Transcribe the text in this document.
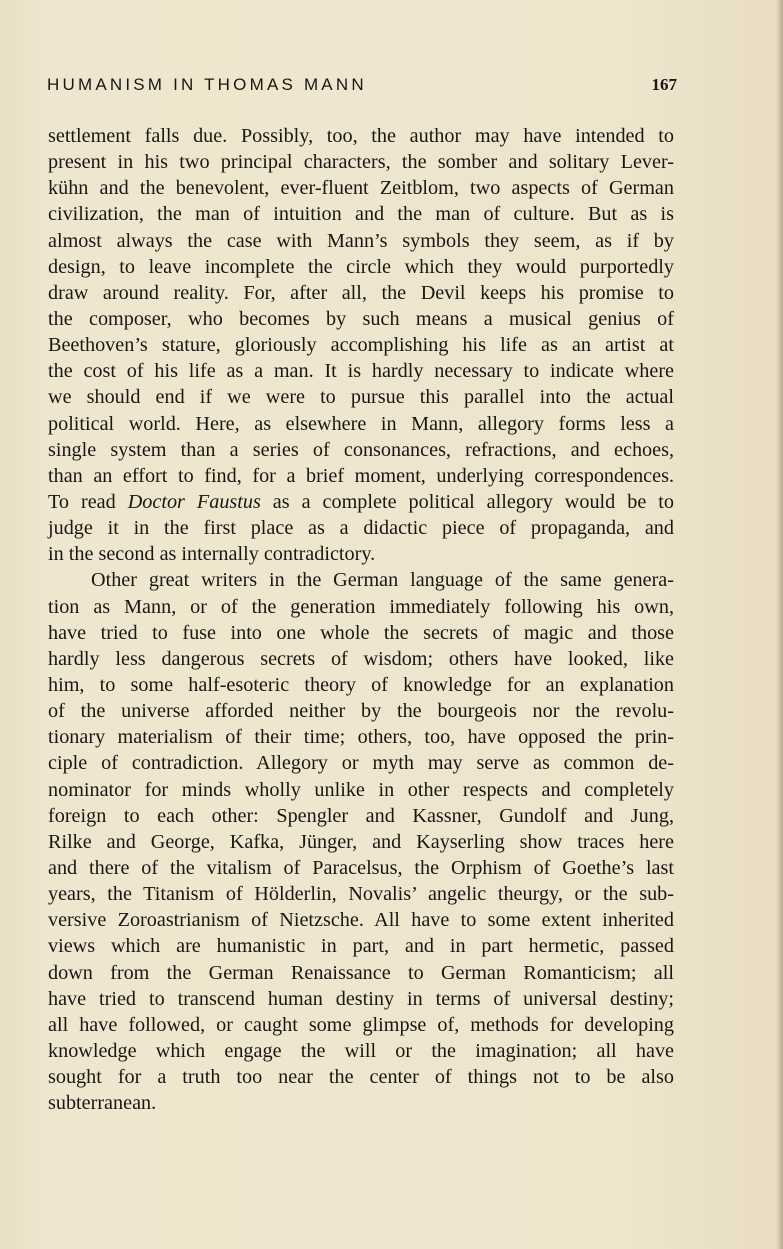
HUMANISM IN THOMAS MANN	167
settlement falls due. Possibly, too, the author may have intended to
present in his two principal characters, the somber and solitary Lever-
kühn and the benevolent, ever-fluent Zeitblom, two aspects of German
civilization, the man of intuition and the man of culture. But as is
almost always the case with Mann’s symbols they seem, as if by
design, to leave incomplete the circle which they would purportedly
draw around reality. For, after all, the Devil keeps his promise to
the composer, who becomes by such means a musical genius of
Beethoven’s stature, gloriously accomplishing his life as an artist at
the cost of his life as a man. It is hardly necessary to indicate where
we should end if we were to pursue this parallel into the actual
political world. Here, as elsewhere in Mann, allegory forms less a
single system than a series of consonances, refractions, and echoes,
than an effort to find, for a brief moment, underlying correspondences.
To read Doctor Faustus as a complete political allegory would be to
judge it in the first place as a didactic piece of propaganda, and
in the second as internally contradictory.
Other great writers in the German language of the same genera-
tion as Mann, or of the generation immediately following his own,
have tried to fuse into one whole the secrets of magic and those
hardly less dangerous secrets of wisdom; others have looked, like
him, to some half-esoteric theory of knowledge for an explanation
of the universe afforded neither by the bourgeois nor the revolu-
tionary materialism of their time; others, too, have opposed the prin-
ciple of contradiction. Allegory or myth may serve as common de-
nominator for minds wholly unlike in other respects and completely
foreign to each other: Spengler and Kassner, Gundolf and Jung,
Rilke and George, Kafka, Jünger, and Kayserling show traces here
and there of the vitalism of Paracelsus, the Orphism of Goethe’s last
years, the Titanism of Hölderlin, Novalis’ angelic theurgy, or the sub-
versive Zoroastrianism of Nietzsche. All have to some extent inherited
views which are humanistic in part, and in part hermetic, passed
down from the German Renaissance to German Romanticism; all
have tried to transcend human destiny in terms of universal destiny;
all have followed, or caught some glimpse of, methods for developing
knowledge which engage the will or the imagination; all have
sought for a truth too near the center of things not to be also
subterranean.
